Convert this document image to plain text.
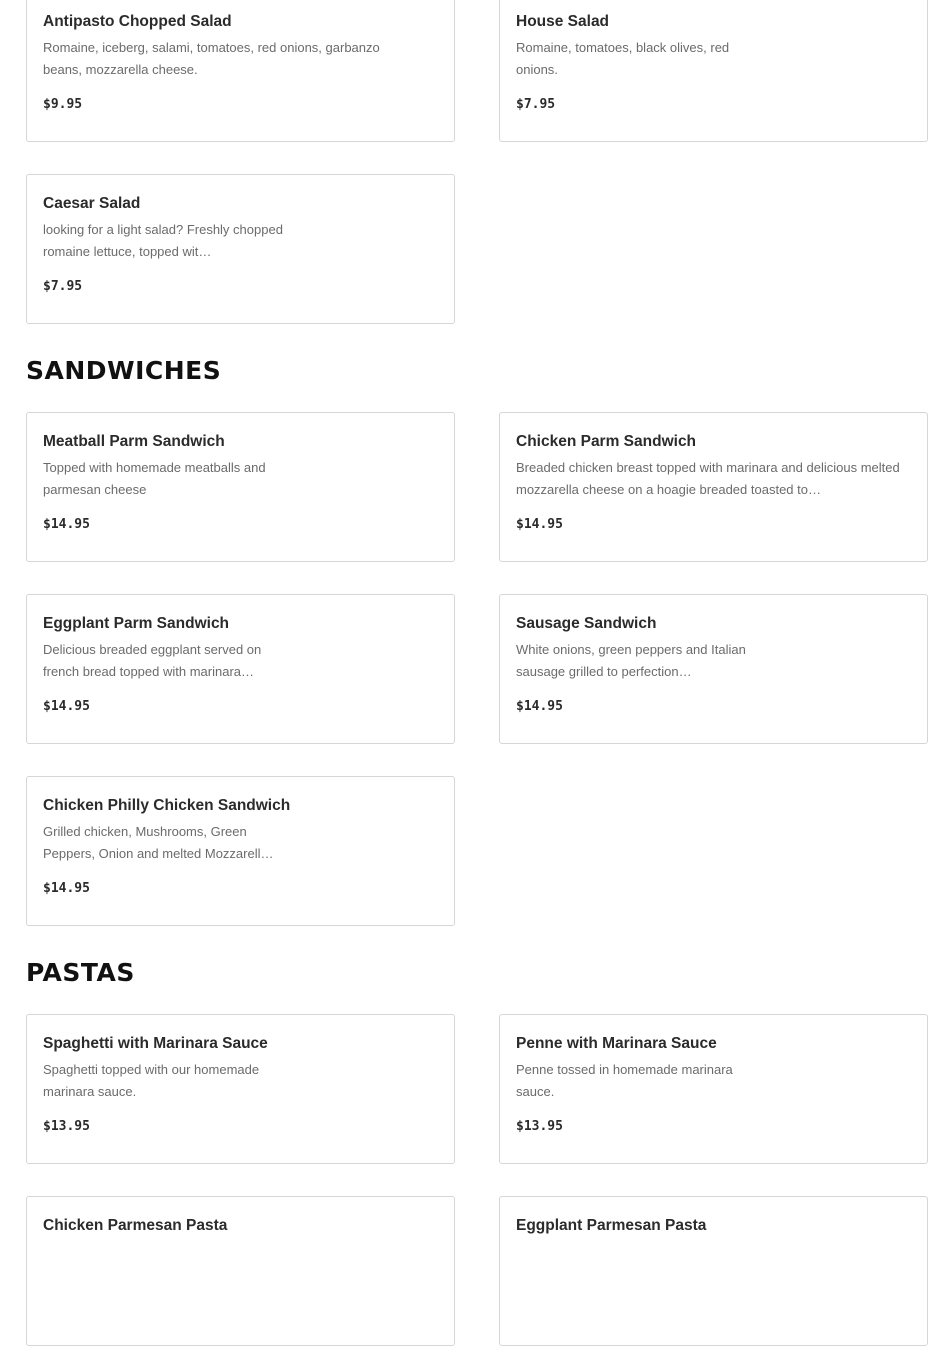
Antipasto Chopped Salad
Romaine, iceberg, salami, tomatoes, red onions, garbanzo beans, mozzarella cheese.
$9.95
House Salad
Romaine, tomatoes, black olives, red onions.
$7.95
Caesar Salad
looking for a light salad? Freshly chopped romaine lettuce, topped wit…
$7.95
SANDWICHES
Meatball Parm Sandwich
Topped with homemade meatballs and parmesan cheese
$14.95
Chicken Parm Sandwich
Breaded chicken breast topped with marinara and delicious melted mozzarella cheese on a hoagie breaded toasted to…
$14.95
Eggplant Parm Sandwich
Delicious breaded eggplant served on french bread topped with marinara…
$14.95
Sausage Sandwich
White onions, green peppers and Italian sausage grilled to perfection…
$14.95
Chicken Philly Chicken Sandwich
Grilled chicken, Mushrooms, Green Peppers, Onion and melted Mozzarell…
$14.95
PASTAS
Spaghetti with Marinara Sauce
Spaghetti topped with our homemade marinara sauce.
$13.95
Penne with Marinara Sauce
Penne tossed in homemade marinara sauce.
$13.95
Chicken Parmesan Pasta	Eggplant Parmesan Pasta
